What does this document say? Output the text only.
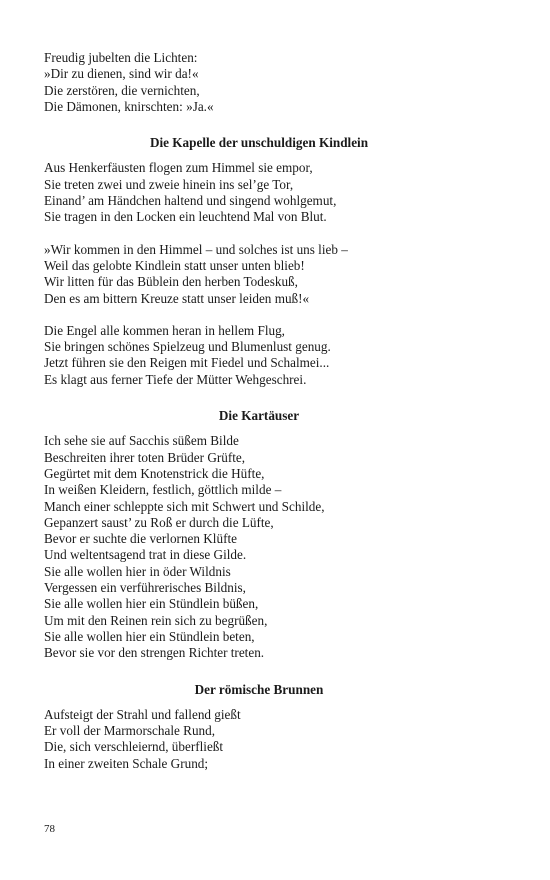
Freudig jubelten die Lichten:
»Dir zu dienen, sind wir da!«
Die zerstören, die vernichten,
Die Dämonen, knirschten: »Ja.«
Die Kapelle der unschuldigen Kindlein
Aus Henkerfäusten flogen zum Himmel sie empor,
Sie treten zwei und zweie hinein ins sel’ge Tor,
Einand’ am Händchen haltend und singend wohlgemut,
Sie tragen in den Locken ein leuchtend Mal von Blut.
»Wir kommen in den Himmel – und solches ist uns lieb –
Weil das gelobte Kindlein statt unser unten blieb!
Wir litten für das Büblein den herben Todeskuß,
Den es am bittern Kreuze statt unser leiden muß!«
Die Engel alle kommen heran in hellem Flug,
Sie bringen schönes Spielzeug und Blumenlust genug.
Jetzt führen sie den Reigen mit Fiedel und Schalmei...
Es klagt aus ferner Tiefe der Mütter Wehgeschrei.
Die Kartäuser
Ich sehe sie auf Sacchis süßem Bilde
Beschreiten ihrer toten Brüder Grüfte,
Gegürtet mit dem Knotenstrick die Hüfte,
In weißen Kleidern, festlich, göttlich milde –
Manch einer schleppte sich mit Schwert und Schilde,
Gepanzert saust’ zu Roß er durch die Lüfte,
Bevor er suchte die verlornen Klüfte
Und weltentsagend trat in diese Gilde.
Sie alle wollen hier in öder Wildnis
Vergessen ein verführerisches Bildnis,
Sie alle wollen hier ein Stündlein büßen,
Um mit den Reinen rein sich zu begrüßen,
Sie alle wollen hier ein Stündlein beten,
Bevor sie vor den strengen Richter treten.
Der römische Brunnen
Aufsteigt der Strahl und fallend gießt
Er voll der Marmorschale Rund,
Die, sich verschleiernd, überfließt
In einer zweiten Schale Grund;
78
